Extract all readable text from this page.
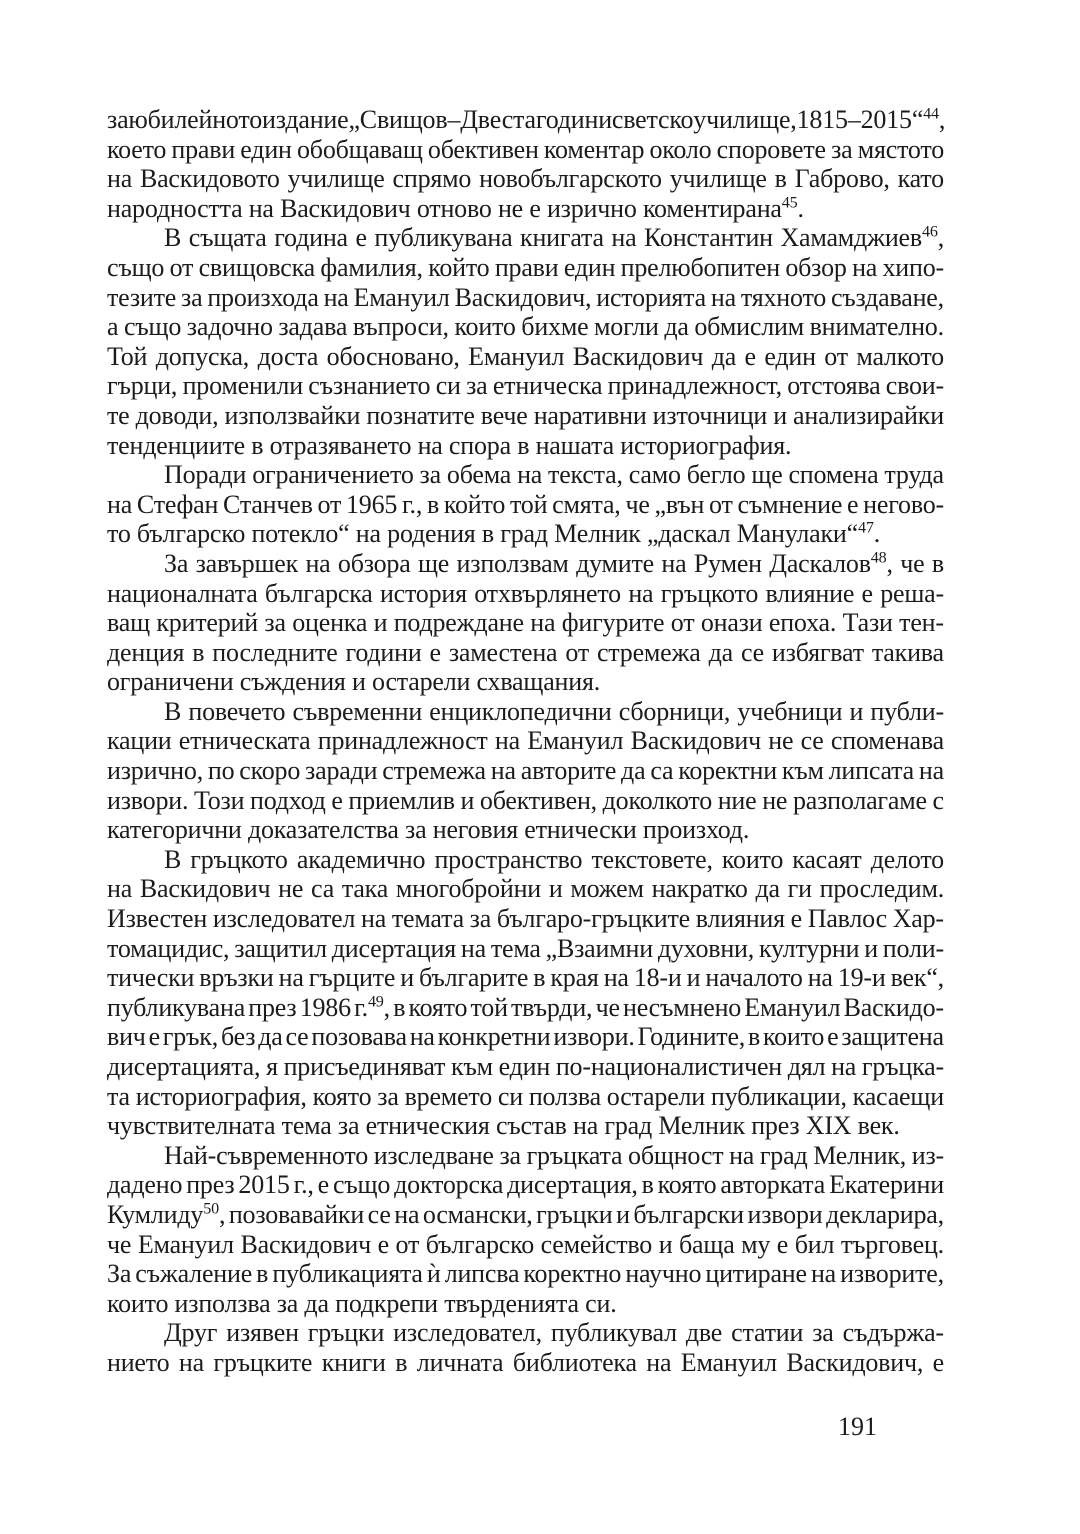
за юбилейното издание „Свищов – Двеста години светско училище, 1815 – 2015“$^{44}$,
което прави един обобщаващ обективен коментар около споровете за мястото
на Васкидовото училище спрямо новобългарското училище в Габрово, като
народността на Васкидович отново не е изрично коментирана$^{45}$.
В същата година е публикувана книгата на Константин Хамамджиев$^{46}$,
също от свищовска фамилия, който прави един прелюбопитен обзор на хипо-
тезите за произхода на Емануил Васкидович, историята на тяхното създаване,
а също задочно задава въпроси, които бихме могли да обмислим внимателно.
Той допуска, доста обосновано, Емануил Васкидович да е един от малкото
гърци, променили съзнанието си за етническа принадлежност, отстоява свои-
те доводи, използвайки познатите вече наративни източници и анализирайки
тенденциите в отразяването на спора в нашата историография.
Поради ограничението за обема на текста, само бегло ще спомена труда
на Стефан Станчев от 1965 г., в който той смята, че „вън от съмнение е негово-
то българско потекло“ на родения в град Мелник „даскал Манулаки“$^{47}$.
За завършек на обзора ще използвам думите на Румен Даскалов$^{48}$, че в
националната българска история отхвърлянето на гръцкото влияние е реша-
ващ критерий за оценка и подреждане на фигурите от онази епоха. Тази тен-
денция в последните години е заместена от стремежа да се избягват такива
ограничени съждения и остарели схващания.
В повечето съвременни енциклопедични сборници, учебници и публи-
кации етническата принадлежност на Емануил Васкидович не се споменава
изрично, по скоро заради стремежа на авторите да са коректни към липсата на
извори. Този подход е приемлив и обективен, доколкото ние не разполагаме с
категорични доказателства за неговия етнически произход.
В гръцкото академично пространство текстовете, които касаят делото
на Васкидович не са така многобройни и можем накратко да ги проследим.
Известен изследовател на темата за българо-гръцките влияния е Павлос Хар-
томацидис, защитил дисертация на тема „Взаимни духовни, културни и поли-
тически връзки на гърците и българите в края на 18-и и началото на 19-и век“,
публикувана през 1986 г.$^{49}$, в която той твърди, че несъмнено Емануил Васкидо-
вич е грък, без да се позовава на конкретни извори. Годините, в които е защитена
дисертацията, я присъединяват към един по-националистичен дял на гръцка-
та историография, която за времето си ползва остарели публикации, касаещи
чувствителната тема за етническия състав на град Мелник през XIX век.
Най-съвременното изследване за гръцката общност на град Мелник, из-
дадено през 2015 г., е също докторска дисертация, в която авторката Екатерини
Кумлиду$^{50}$, позовавайки се на османски, гръцки и български извори декларира,
че Емануил Васкидович е от българско семейство и баща му е бил търговец.
За съжаление в публикацията ѝ липсва коректно научно цитиране на изворите,
които използва за да подкрепи твърденията си.
Друг изявен гръцки изследовател, публикувал две статии за съдържа-
нието на гръцките книги в личната библиотека на Емануил Васкидович, е
191
